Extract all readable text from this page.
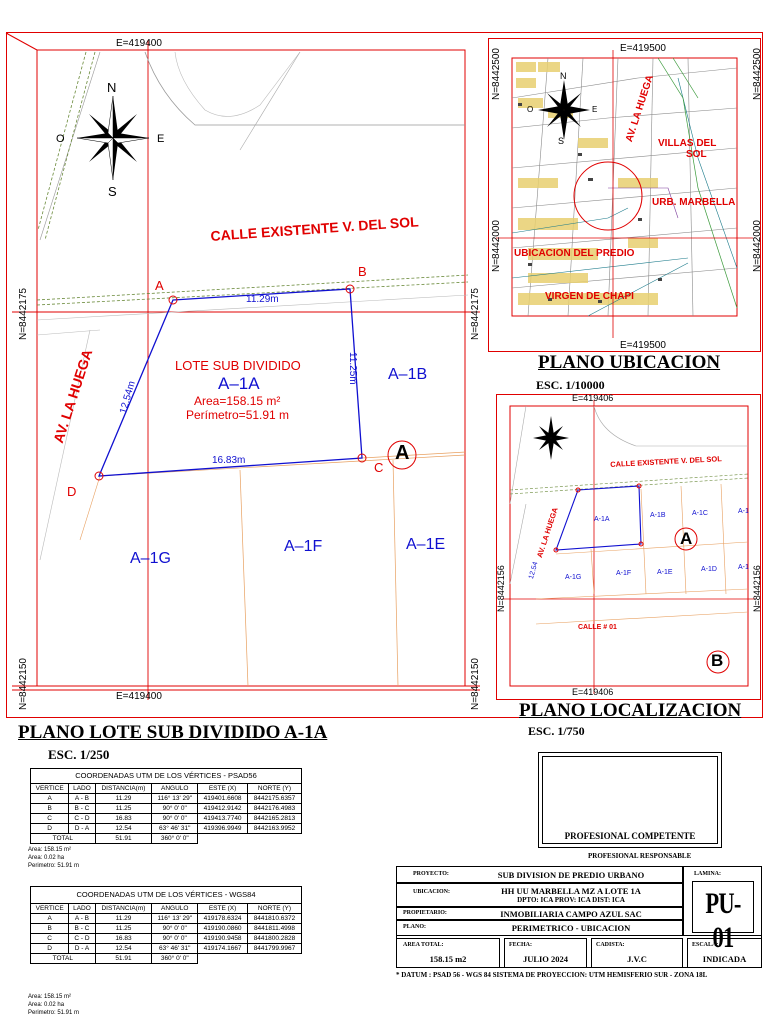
N
S
E
O
E=419400
E=419400
N=8442175
N=8442150
N=8442175
N=8442150
CALLE EXISTENTE V. DEL SOL
AV. LA HUEGA
A
B
C
D
A
11.29m
11.25m
16.83m
12.54m
LOTE SUB DIVIDIDO
A–1A
Area=158.15 m²
Perímetro=51.91 m
A–1B
A–1G
A–1F	A–1E
PLANO LOTE SUB DIVIDIDO A-1A
ESC. 1/250
E=419500
E=419500
N=8442500
N=8442000
N=8442500
N=8442000
N
S
E
O	AV. LA HUEGA
VILLAS DEL
SOL
URB. MARBELLA
UBICACION DEL PREDIO
VIRGEN DE CHAPI
PLANO UBICACION
ESC. 1/10000
E=419406
E=419406
N=8442156	N=8442156
CALLE EXISTENTE V. DEL SOL
AV. LA HUEGA
CALLE # 01
A-1A
A-1B	A-1C
A-1G
A-1F	A-1E	A-1D	A-1
A-1
12.54
A
B
PLANO LOCALIZACION
ESC. 1/750
COORDENADAS UTM DE LOS VÉRTICES - PSAD56
VERTICE	LADO	DISTANCIA(m)	ANGULO	ESTE (X)	NORTE (Y)
A	A - B	11.29	116° 13' 29"	419401.6608	8442175.6357
B	B - C	11.25	90° 0' 0"	419412.9142	8442176.4983
C	C - D	16.83	90° 0' 0"	419413.7740	8442165.2813
D	D - A	12.54	63° 46' 31"	419396.9949	8442163.9952
TOTAL		51.91	360° 0' 0"		
Area: 158.15 m²
Area: 0.02 ha
Perimetro: 51.91 m
COORDENADAS UTM DE LOS VÉRTICES - WGS84
VERTICE	LADO	DISTANCIA(m)	ANGULO	ESTE (X)	NORTE (Y)
A	A - B	11.29	116° 13' 29"	419178.6324	8441810.6372
B	B - C	11.25	90° 0' 0"	419190.0860	8441811.4998
C	C - D	16.83	90° 0' 0"	419190.9458	8441800.2828
D	D - A	12.54	63° 46' 31"	419174.1667	8441799.9967
TOTAL		51.91	360° 0' 0"		
Area: 158.15 m²
Area: 0.02 ha
Perimetro: 51.91 m
PROFESIONAL COMPETENTE
PROFESIONAL RESPONSABLE
PROYECTO:	SUB DIVISION DE PREDIO URBANO
UBICACION:	HH UU MARBELLA MZ A LOTE 1A
DPTO: ICA PROV: ICA DIST: ICA
PROPIETARIO:	INMOBILIARIA CAMPO AZUL SAC
PLANO:	PERIMETRICO - UBICACION
LAMINA:
PU-01
AREA TOTAL:
158.15 m2
FECHA:
JULIO 2024
CADISTA:
J.V.C
ESCALA:
INDICADA
* DATUM : PSAD 56 - WGS 84 SISTEMA DE PROYECCION: UTM HEMISFERIO SUR - ZONA 18L
